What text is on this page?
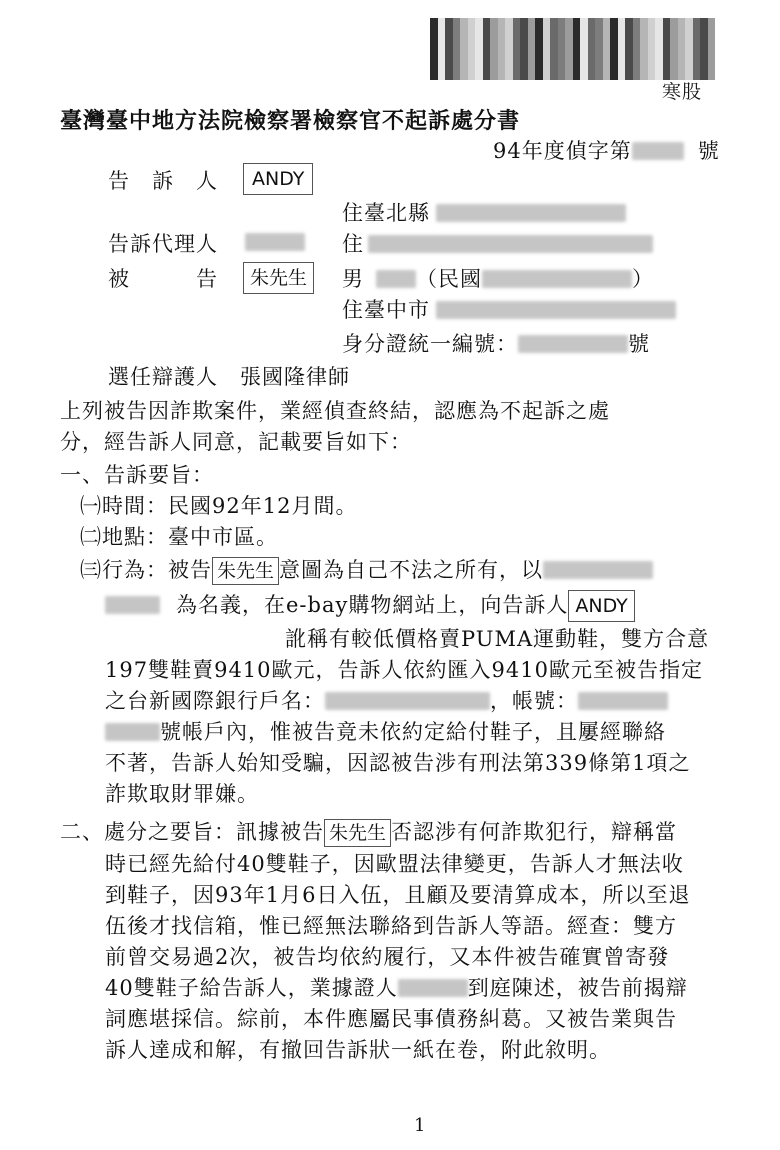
寒股
臺灣臺中地方法院檢察署檢察官不起訴處分書
94年度偵字第	號
告　訴　人	ANDY
住臺北縣
告訴代理人	住
被　　　告	朱先生	男 （民國	）
住臺中市
身分證統一編號：	號
選任辯護人　張國隆律師
上列被告因詐欺案件，業經偵查終結，認應為不起訴之處
分，經告訴人同意，記載要旨如下：
一、告訴要旨：
㈠時間：民國92年12月間。
㈡地點：臺中市區。
㈢行為：被告 朱先生 意圖為自己不法之所有，以
為名義，在e-bay購物網站上，向告訴人 ANDY
訛稱有較低價格賣PUMA運動鞋，雙方合意
197雙鞋賣9410歐元，告訴人依約匯入9410歐元至被告指定
之台新國際銀行戶名：	，帳號：
號帳戶內，惟被告竟未依約定給付鞋子，且屢經聯絡
不著，告訴人始知受騙，因認被告涉有刑法第339條第1項之
詐欺取財罪嫌。
二、處分之要旨：訊據被告 朱先生 否認涉有何詐欺犯行，辯稱當
時已經先給付40雙鞋子，因歐盟法律變更，告訴人才無法收
到鞋子，因93年1月6日入伍，且顧及要清算成本，所以至退
伍後才找信箱，惟已經無法聯絡到告訴人等語。經查：雙方
前曾交易過2次，被告均依約履行，又本件被告確實曾寄發
40雙鞋子給告訴人，業據證人	到庭陳述，被告前揭辯
詞應堪採信。綜前，本件應屬民事債務糾葛。又被告業與告
訴人達成和解，有撤回告訴狀一紙在卷，附此敘明。
1
